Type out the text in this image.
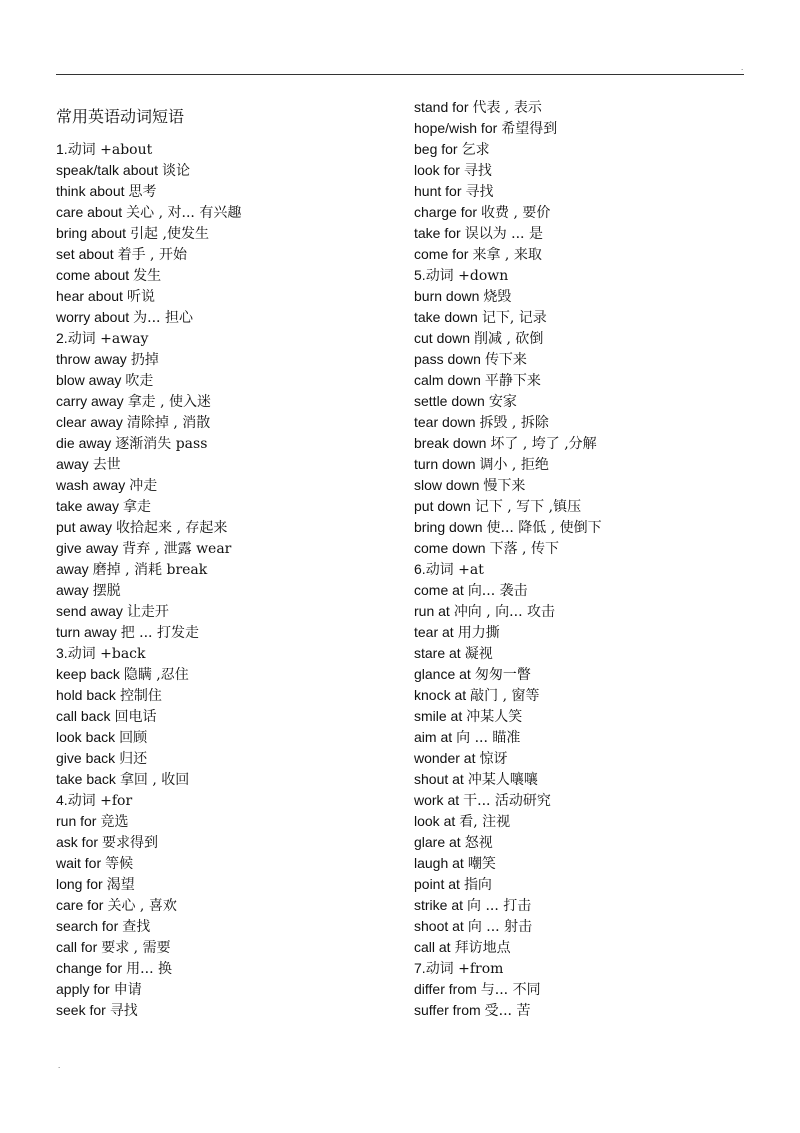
.
常用英语动词短语
1.动词 +about
speak/talk about 谈论
think about 思考
care about 关心 , 对... 有兴趣
bring about 引起 ,使发生
set about 着手 , 开始
come about 发生
hear about 听说
worry about 为... 担心
2.动词 +away
throw away 扔掉
blow away 吹走
carry away 拿走 , 使入迷
clear away 清除掉 , 消散
die away 逐渐消失 pass
away 去世
wash away 冲走
take away 拿走
put away 收拾起来 , 存起来
give away 背弃 , 泄露 wear
away 磨掉 , 消耗 break
away 摆脱
send away 让走开
turn away 把 ... 打发走
3.动词 +back
keep back 隐瞒 ,忍住
hold back 控制住
call back 回电话
look back 回顾
give back 归还
take back 拿回 , 收回
4.动词 +for
run for 竞选
ask for 要求得到
wait for 等候
long for 渴望
care for 关心 , 喜欢
search for 查找
call for 要求 , 需要
change for 用... 换
apply for 申请
seek for 寻找
stand for 代表 , 表示
hope/wish for 希望得到
beg for 乞求
look for 寻找
hunt for 寻找
charge for 收费 , 要价
take for 误以为 ... 是
come for 来拿 , 来取
5.动词 +down
burn down 烧毁
take down 记下, 记录
cut down 削减 , 砍倒
pass down 传下来
calm down 平静下来
settle down 安家
tear down 拆毁 , 拆除
break down 坏了 , 垮了 ,分解
turn down 调小 , 拒绝
slow down 慢下来
put down 记下 , 写下 ,镇压
bring down 使... 降低 , 使倒下
come down 下落 , 传下
6.动词 +at
come at 向... 袭击
run at 冲向 , 向... 攻击
tear at 用力撕
stare at 凝视
glance at 匆匆一瞥
knock at 敲门 , 窗等
smile at 冲某人笑
aim at 向 ... 瞄准
wonder at 惊讶
shout at 冲某人嚷嚷
work at 干... 活动研究
look at 看, 注视
glare at 怒视
laugh at 嘲笑
point at 指向
strike at 向 ... 打击
shoot at 向 ... 射击
call at 拜访地点
7.动词 +from
differ from 与... 不同
suffer from 受... 苦
.
